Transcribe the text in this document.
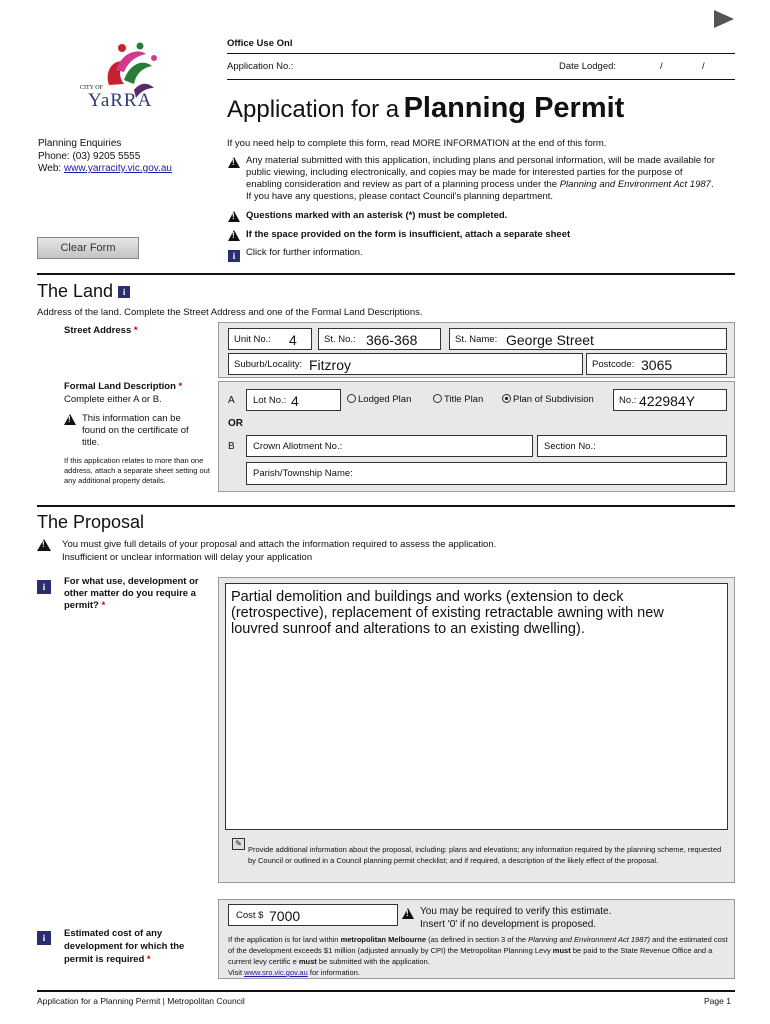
Office Use Onl
Application No.:	Date Lodged:	/	/
CITY OF
YaRRA	Application for a Planning Permit
Planning Enquiries
Phone: (03) 9205 5555
Web: www.yarracity.vic.gov.au
If you need help to complete this form, read MORE INFORMATION at the end of this form.
!
Any material submitted with this application, including plans and personal information, will be made available for public viewing, including electronically, and copies may be made for interested parties for the purpose of enabling consideration and review as part of a planning process under the Planning and Environment Act 1987. If you have any questions, please contact Council's planning department.
!
Questions marked with an asterisk (*) must be completed.
!
If the space provided on the form is insufficient, attach a separate sheet
i	Click for further information.
Clear Form
The Land i
Address of the land. Complete the Street Address and one of the Formal Land Descriptions.
Street Address *
Unit No.: 4	St. No.: 366-368	St. Name: George Street
Suburb/Locality: Fitzroy	Postcode: 3065
Formal Land Description *
Complete either A or B.
!
This information can be found on the certificate of title.
If this application relates to more than one address, attach a separate sheet setting out any additional property details.
A Lot No.: 4	Lodged Plan	Title Plan	Plan of Subdivision	No.: 422984Y
OR
B Crown Allotment No.:	Section No.:
Parish/Township Name:
The Proposal
!
You must give full details of your proposal and attach the information required to assess the application.
Insufficient or unclear information will delay your application
i	For what use, development or other matter do you require a permit? *
Partial demolition and buildings and works (extension to deck (retrospective), replacement of existing retractable awning with new louvred sunroof and alterations to an existing dwelling).
✎
Provide additional information about the proposal, including: plans and elevations; any information required by the planning scheme, requested by Council or outlined in a Council planning permit checklist; and if required, a description of the likely effect of the proposal.
i	Estimated cost of any development for which the permit is required *
Cost $ 7000
!	You may be required to verify this estimate.
Insert '0' if no development is proposed.
If the application is for land within metropolitan Melbourne (as defined in section 3 of the Planning and Environment Act 1987) and the estimated cost of the development exceeds $1 million (adjusted annually by CPI) the Metropolitan Planning Levy must be paid to the State Revenue Office and a current levy certific e must be submitted with the application.
Visit www.sro.vic.gov.au for information.
Application for a Planning Permit | Metropolitan Council	Page 1
